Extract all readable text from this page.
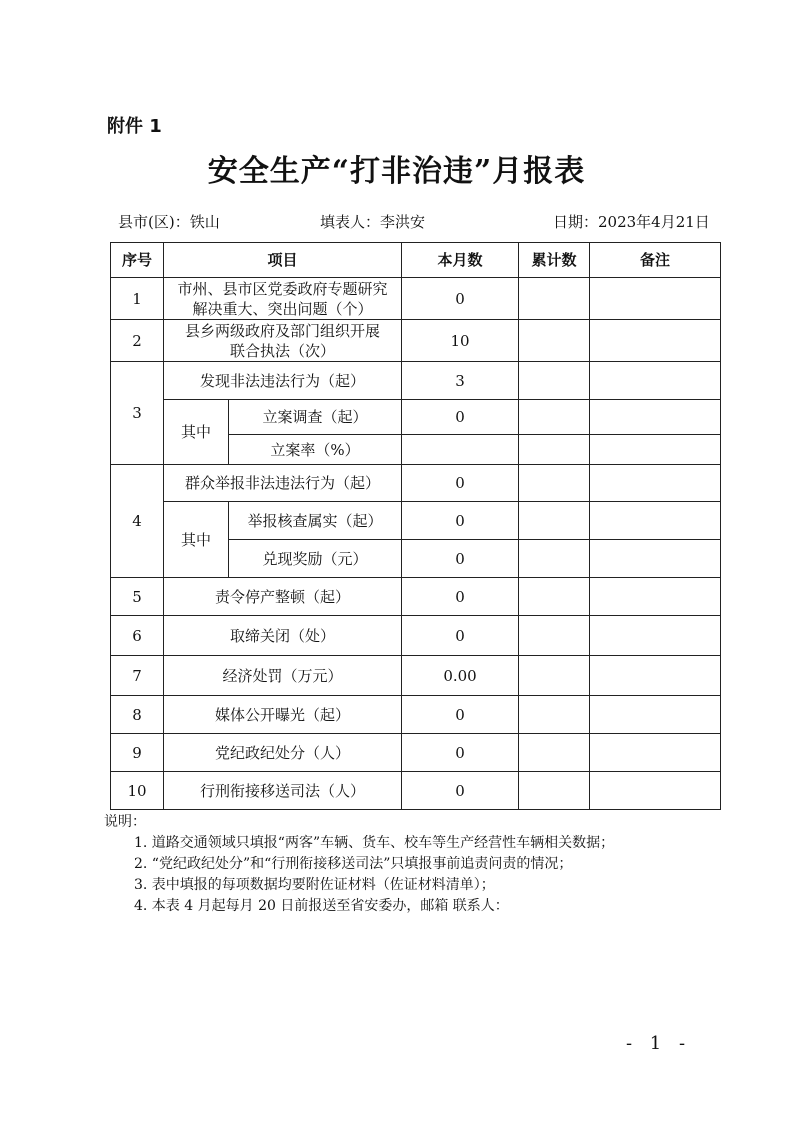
附件 1
安全生产“打非治违”月报表
县市(区)：铁山	填表人：李洪安	日期：2023年4月21日
序号	项目		本月数	累计数	备注
1	市州、县市区党委政府专题研究
解决重大、突出问题（个）		0		
2	县乡两级政府及部门组织开展
联合执法（次）		10		
3	发现非法违法行为（起）		3		
	其中	立案调查（起）	0		
		立案率（%）			
4	群众举报非法违法行为（起）		0		
	其中	举报核查属实（起）	0		
		兑现奖励（元）	0		
5	责令停产整顿（起）		0		
6	取缔关闭（处）		0		
7	经济处罚（万元）		0.00		
8	媒体公开曝光（起）		0		
9	党纪政纪处分（人）		0		
10	行刑衔接移送司法（人）		0		
说明：
1. 道路交通领域只填报“两客”车辆、货车、校车等生产经营性车辆相关数据；
2. “党纪政纪处分”和“行刑衔接移送司法”只填报事前追责问责的情况；
3. 表中填报的每项数据均要附佐证材料（佐证材料清单）；
4. 本表 4 月起每月 20 日前报送至省安委办，邮箱 联系人：
- 1 -
